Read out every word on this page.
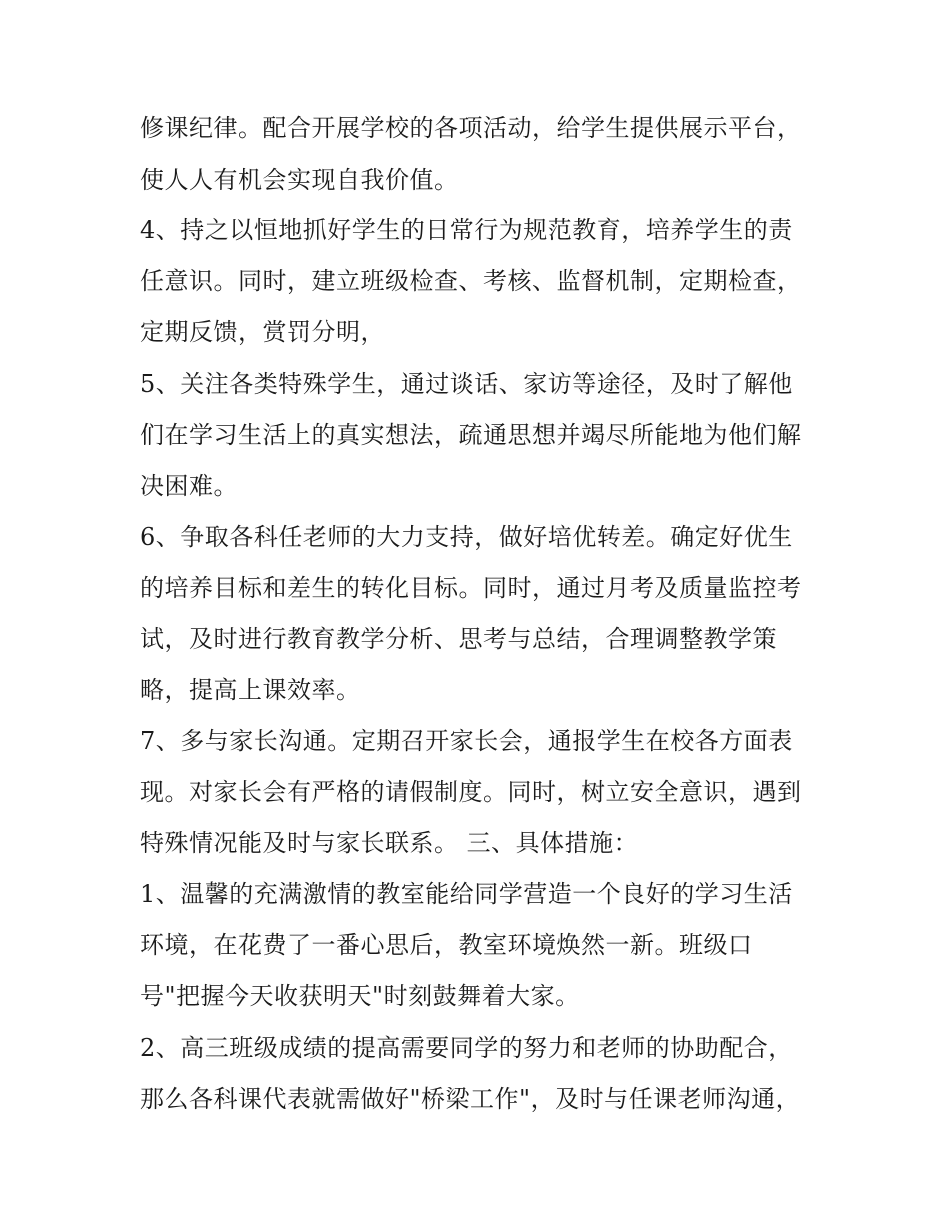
修课纪律。配合开展学校的各项活动，给学生提供展示平台，
使人人有机会实现自我价值。
4、持之以恒地抓好学生的日常行为规范教育，培养学生的责
任意识。同时，建立班级检查、考核、监督机制，定期检查，
定期反馈，赏罚分明，
5、关注各类特殊学生，通过谈话、家访等途径，及时了解他
们在学习生活上的真实想法，疏通思想并竭尽所能地为他们解
决困难。
6、争取各科任老师的大力支持，做好培优转差。确定好优生
的培养目标和差生的转化目标。同时，通过月考及质量监控考
试，及时进行教育教学分析、思考与总结，合理调整教学策
略，提高上课效率。
7、多与家长沟通。定期召开家长会，通报学生在校各方面表
现。对家长会有严格的请假制度。同时，树立安全意识，遇到
特殊情况能及时与家长联系。 三、具体措施：
1、温馨的充满激情的教室能给同学营造一个良好的学习生活
环境，在花费了一番心思后，教室环境焕然一新。班级口
号"把握今天收获明天"时刻鼓舞着大家。
2、高三班级成绩的提高需要同学的努力和老师的协助配合，
那么各科课代表就需做好"桥梁工作"，及时与任课老师沟通，
